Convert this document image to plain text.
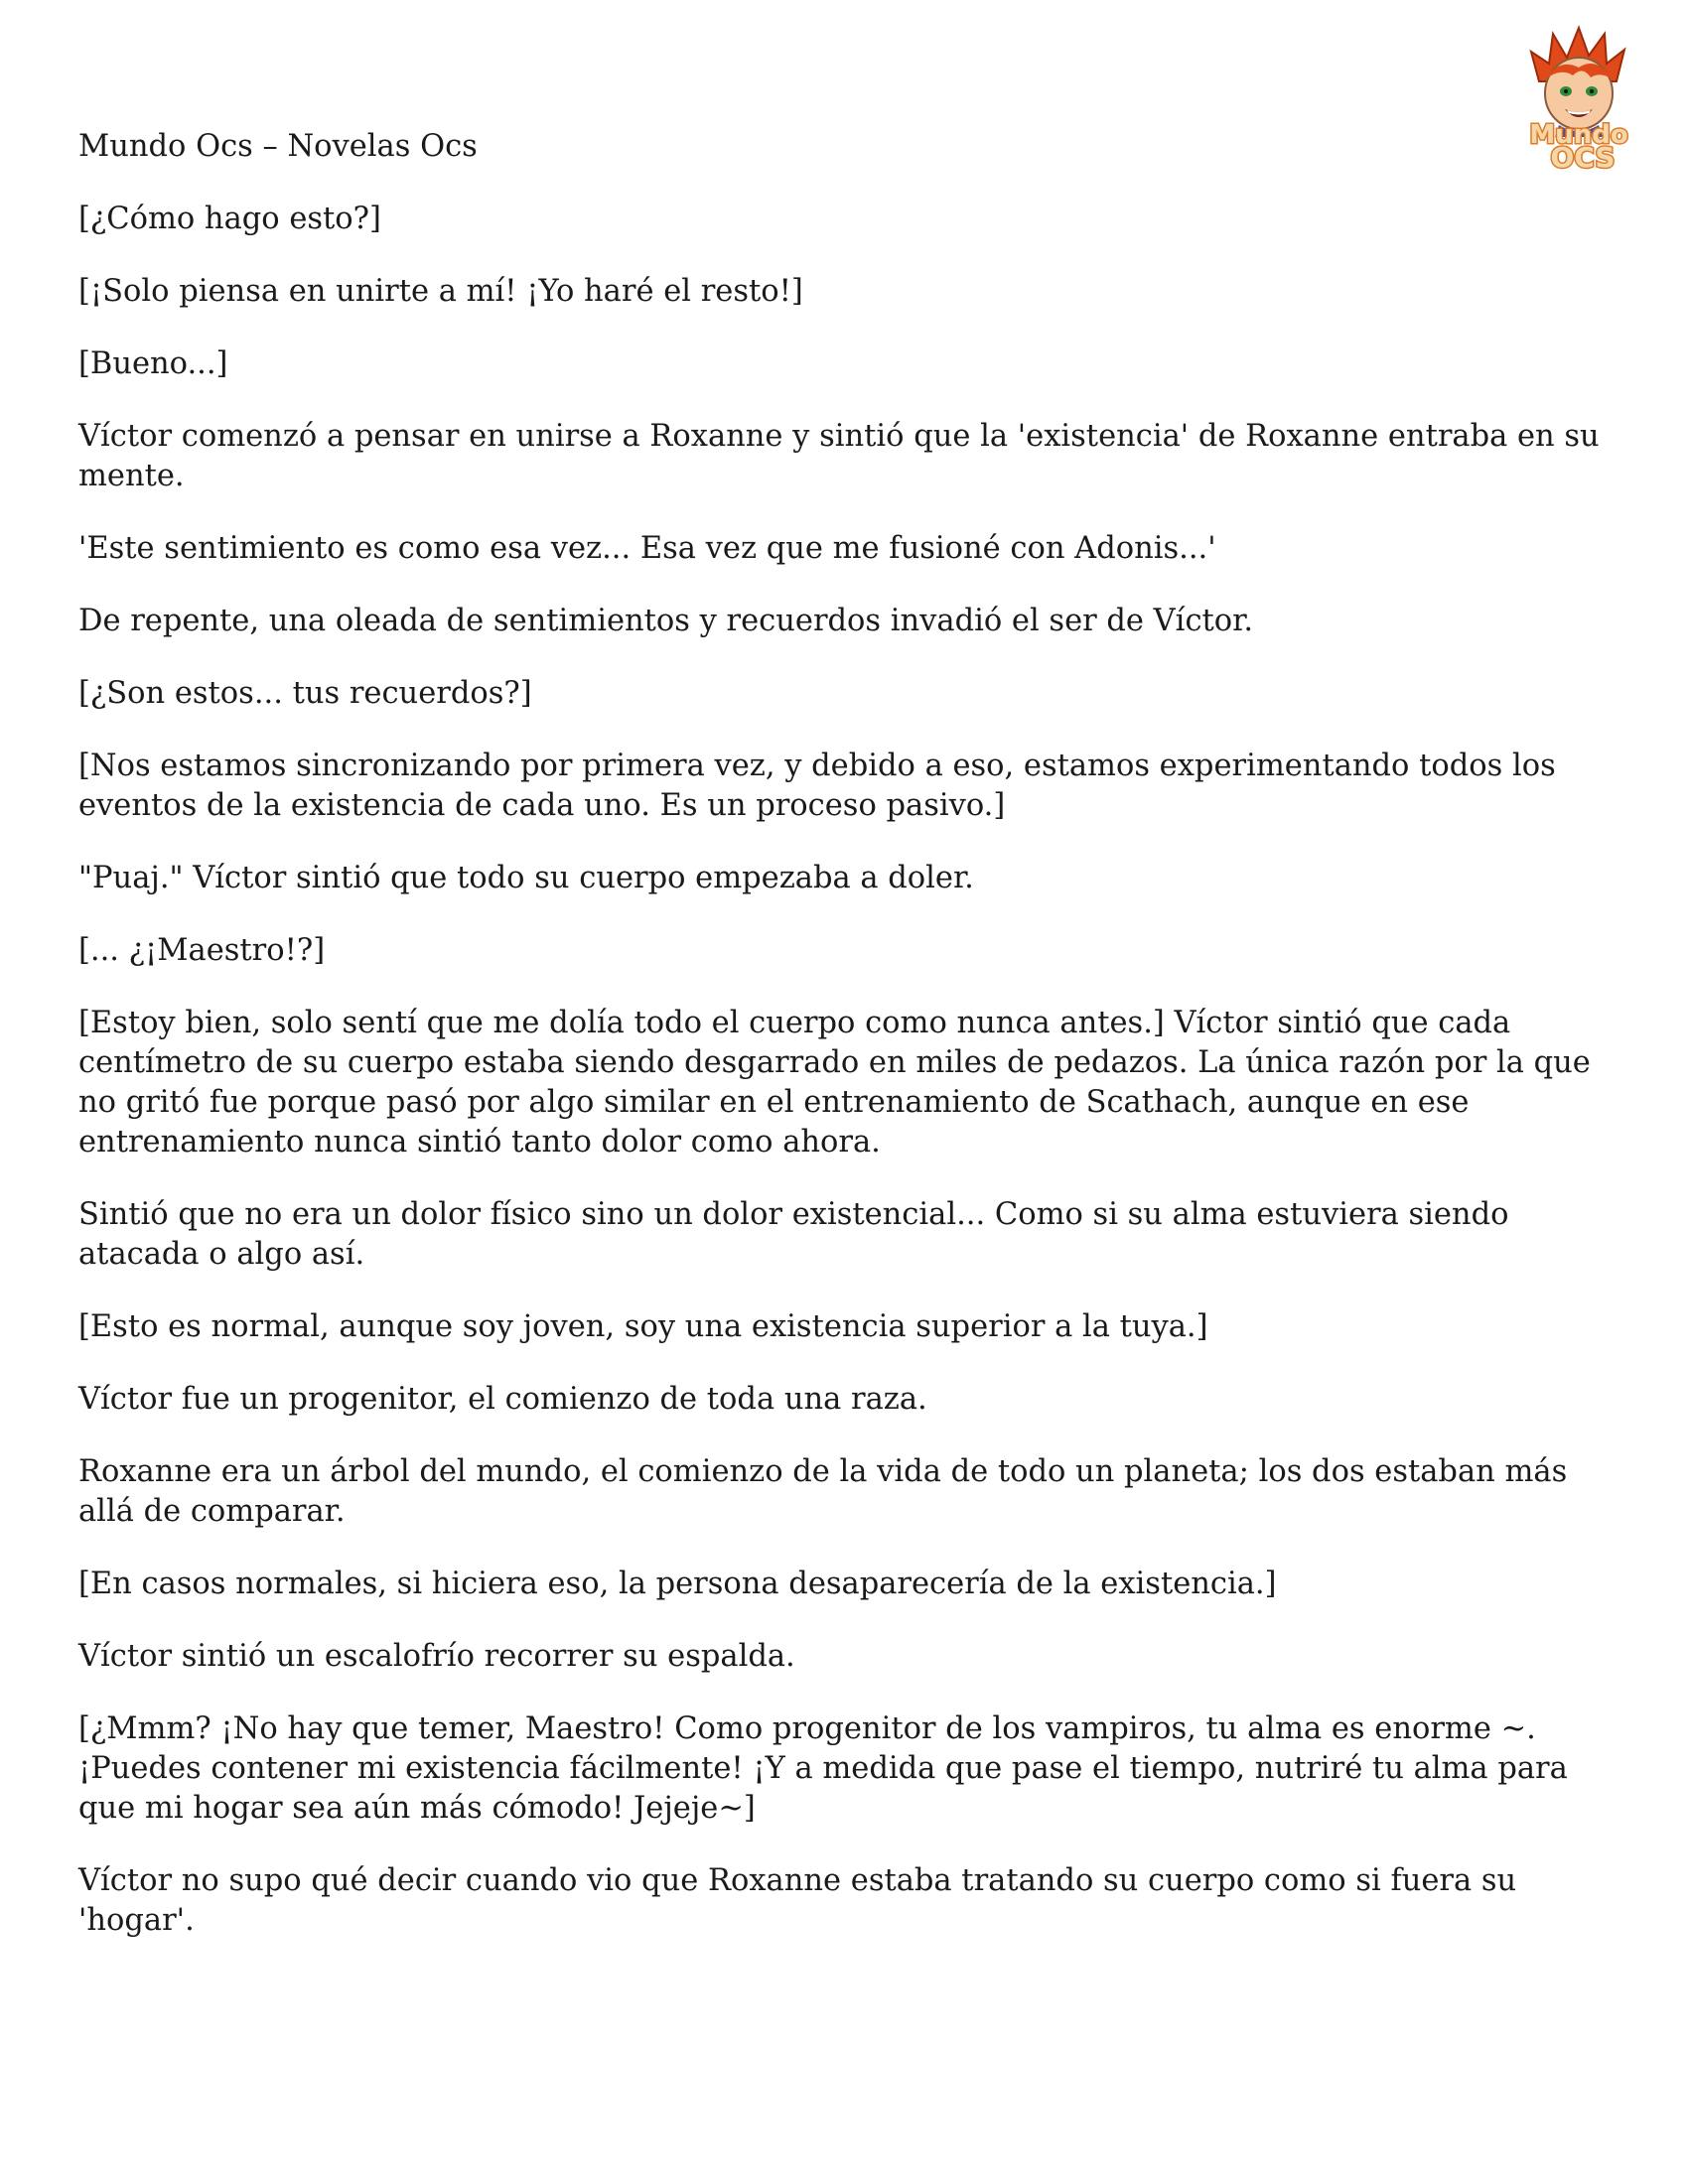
Mundo
OCS

Mundo Ocs – Novelas Ocs

[¿Cómo hago esto?]

[¡Solo piensa en unirte a mí! ¡Yo haré el resto!]

[Bueno...]

Víctor comenzó a pensar en unirse a Roxanne y sintió que la 'existencia' de Roxanne entraba en su mente.

'Este sentimiento es como esa vez... Esa vez que me fusioné con Adonis...'

De repente, una oleada de sentimientos y recuerdos invadió el ser de Víctor.

[¿Son estos... tus recuerdos?]

[Nos estamos sincronizando por primera vez, y debido a eso, estamos experimentando todos los eventos de la existencia de cada uno. Es un proceso pasivo.]

"Puaj." Víctor sintió que todo su cuerpo empezaba a doler.

[... ¿¡Maestro!?]

[Estoy bien, solo sentí que me dolía todo el cuerpo como nunca antes.] Víctor sintió que cada centímetro de su cuerpo estaba siendo desgarrado en miles de pedazos. La única razón por la que no gritó fue porque pasó por algo similar en el entrenamiento de Scathach, aunque en ese entrenamiento nunca sintió tanto dolor como ahora.

Sintió que no era un dolor físico sino un dolor existencial... Como si su alma estuviera siendo atacada o algo así.

[Esto es normal, aunque soy joven, soy una existencia superior a la tuya.]

Víctor fue un progenitor, el comienzo de toda una raza.

Roxanne era un árbol del mundo, el comienzo de la vida de todo un planeta; los dos estaban más allá de comparar.

[En casos normales, si hiciera eso, la persona desaparecería de la existencia.]

Víctor sintió un escalofrío recorrer su espalda.

[¿Mmm? ¡No hay que temer, Maestro! Como progenitor de los vampiros, tu alma es enorme ~. ¡Puedes contener mi existencia fácilmente! ¡Y a medida que pase el tiempo, nutriré tu alma para que mi hogar sea aún más cómodo! Jejeje~]

Víctor no supo qué decir cuando vio que Roxanne estaba tratando su cuerpo como si fuera su 'hogar'.
